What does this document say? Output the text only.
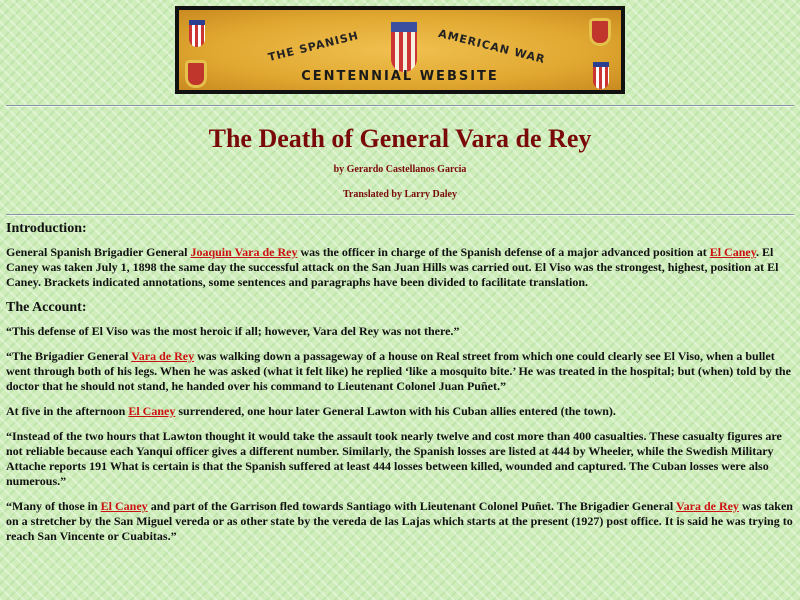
THE SPANISH	AMERICAN WAR
CENTENNIAL WEBSITE
The Death of General Vara de Rey
by Gerardo Castellanos Garcia
Translated by Larry Daley
Introduction:

General Spanish Brigadier General Joaquin Vara de Rey was the officer in charge of the Spanish defense of a major advanced position at El Caney. El Caney was taken July 1, 1898 the same day the successful attack on the San Juan Hills was carried out. El Viso was the strongest, highest, position at El Caney. Brackets indicated annotations, some sentences and paragraphs have been divided to facilitate translation.

The Account:

“This defense of El Viso was the most heroic if all; however, Vara del Rey was not there.”

“The Brigadier General Vara de Rey was walking down a passageway of a house on Real street from which one could clearly see El Viso, when a bullet went through both of his legs. When he was asked (what it felt like) he replied ‘like a mosquito bite.’ He was treated in the hospital; but (when) told by the doctor that he should not stand, he handed over his command to Lieutenant Colonel Juan Puñet.”

At five in the afternoon El Caney surrendered, one hour later General Lawton with his Cuban allies entered (the town).

“Instead of the two hours that Lawton thought it would take the assault took nearly twelve and cost more than 400 casualties. These casualty figures are not reliable because each Yanqui officer gives a different number. Similarly, the Spanish losses are listed at 444 by Wheeler, while the Swedish Military Attache reports 191 What is certain is that the Spanish suffered at least 444 losses between killed, wounded and captured. The Cuban losses were also numerous.”

“Many of those in El Caney and part of the Garrison fled towards Santiago with Lieutenant Colonel Puñet. The Brigadier General Vara de Rey was taken on a stretcher by the San Miguel vereda or as other state by the vereda de las Lajas which starts at the present (1927) post office. It is said he was trying to reach San Vincente or Cuabitas.”
